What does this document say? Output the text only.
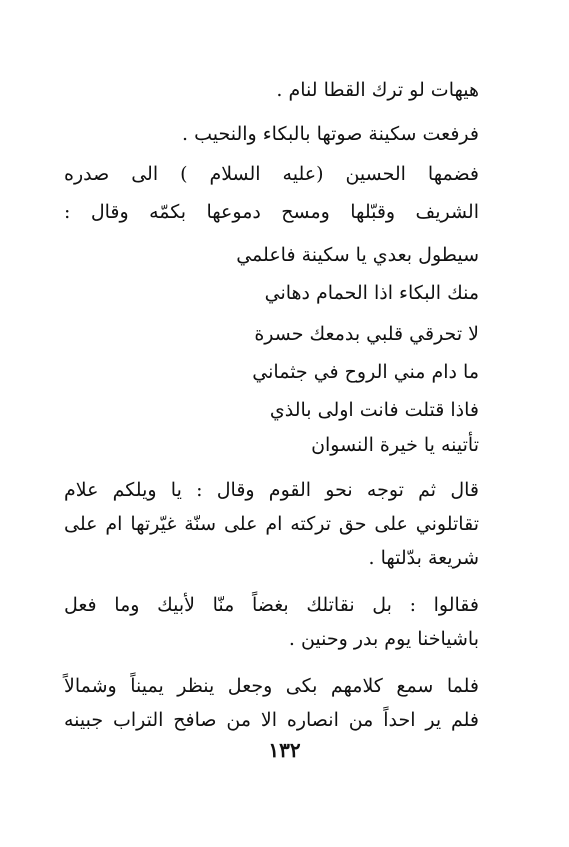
هيهات لو ترك القطا لنام .
فرفعت سكينة صوتها بالبكاء والنحيب .
فضمها الحسين (عليه السلام ) الى صدره
الشريف وقبّلها ومسح دموعها بكمّه وقال :
سيطول بعدي يا سكينة فاعلمي
منك البكاء اذا الحمام دهاني
لا تحرقي قلبي بدمعك حسرة
ما دام مني الروح في جثماني
فاذا قتلت فانت اولى بالذي
تأتينه يا خيرة النسوان
قال ثم توجه نحو القوم وقال : يا ويلكم علام
تقاتلوني على حق تركته ام على سنّة غيّرتها ام على
شريعة بدّلتها .
فقالوا : بل نقاتلك بغضاً منّا لأبيك وما فعل
باشياخنا يوم بدر وحنين .
فلما سمع كلامهم بكى وجعل ينظر يميناً وشمالاً
فلم ير احداً من انصاره الا من صافح التراب جبينه
١٣٢
